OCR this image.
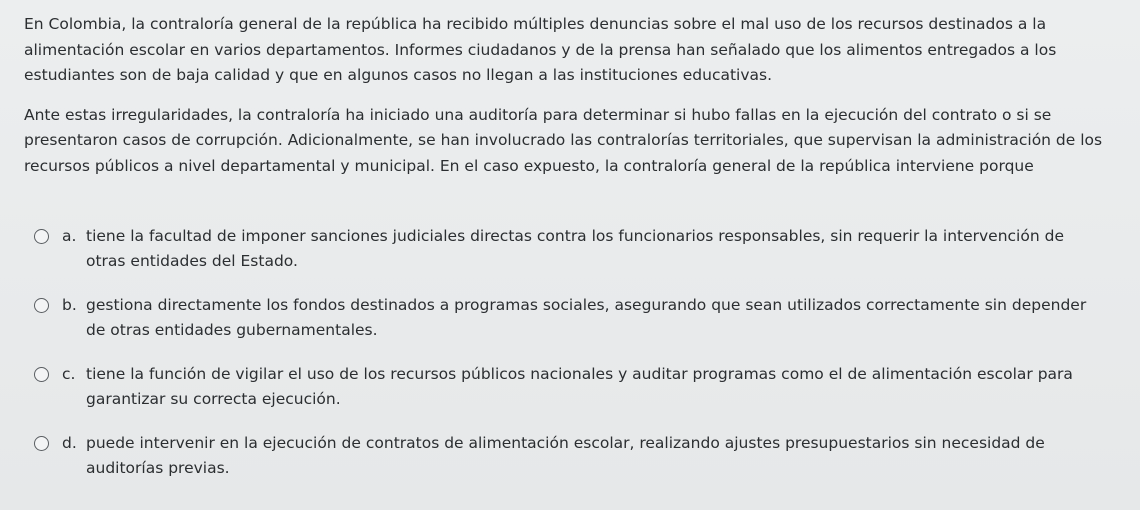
En Colombia, la contraloría general de la república ha recibido múltiples denuncias sobre el mal uso de los recursos destinados a la alimentación escolar en varios departamentos. Informes ciudadanos y de la prensa han señalado que los alimentos entregados a los estudiantes son de baja calidad y que en algunos casos no llegan a las instituciones educativas.

Ante estas irregularidades, la contraloría ha iniciado una auditoría para determinar si hubo fallas en la ejecución del contrato o si se presentaron casos de corrupción. Adicionalmente, se han involucrado las contralorías territoriales, que supervisan la administración de los recursos públicos a nivel departamental y municipal. En el caso expuesto, la contraloría general de la república interviene porque

a. tiene la facultad de imponer sanciones judiciales directas contra los funcionarios responsables, sin requerir la intervención de otras entidades del Estado.
b. gestiona directamente los fondos destinados a programas sociales, asegurando que sean utilizados correctamente sin depender de otras entidades gubernamentales.
c. tiene la función de vigilar el uso de los recursos públicos nacionales y auditar programas como el de alimentación escolar para garantizar su correcta ejecución.
d. puede intervenir en la ejecución de contratos de alimentación escolar, realizando ajustes presupuestarios sin necesidad de auditorías previas.
